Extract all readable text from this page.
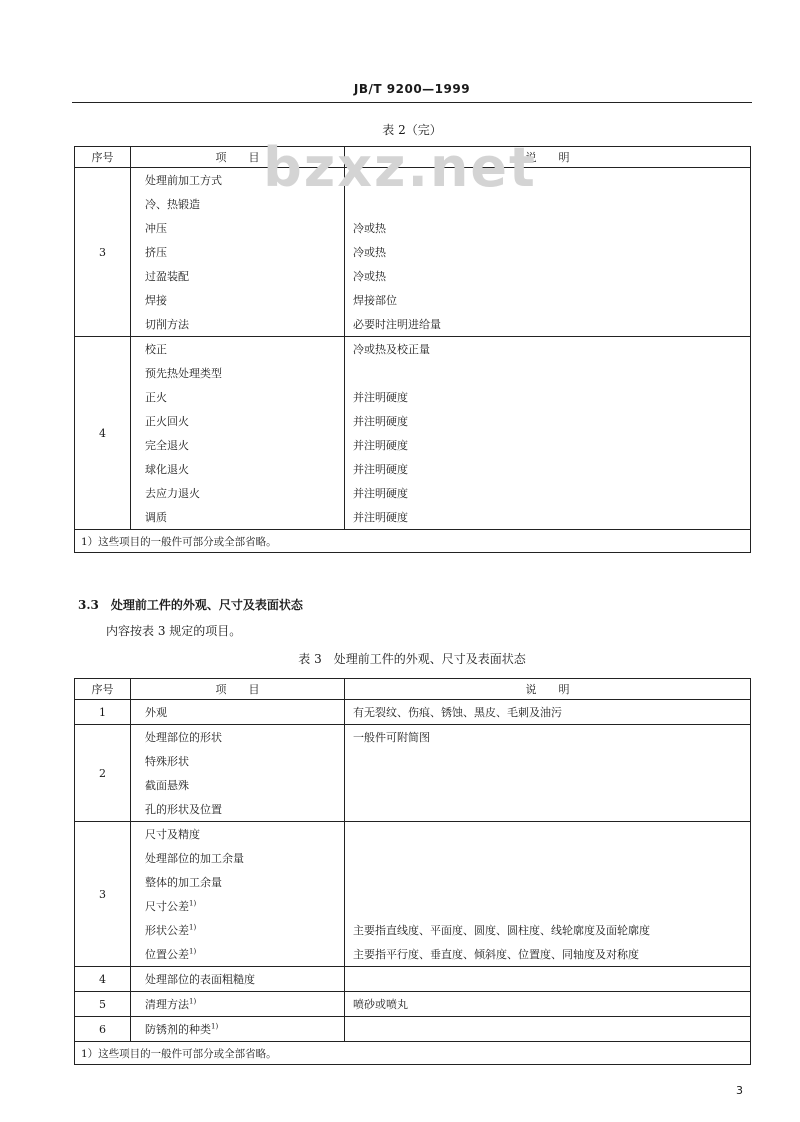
JB/T 9200—1999
表 2（完）
序号	项　　目	说　　明
3	处理前加工方式	
	冷、热锻造	
	冲压	冷或热
	挤压	冷或热
	过盈装配	冷或热
	焊接	焊接部位
	切削方法	必要时注明进给量
4	校正	冷或热及校正量
	预先热处理类型	
	正火	并注明硬度
	正火回火	并注明硬度
	完全退火	并注明硬度
	球化退火	并注明硬度
	去应力退火	并注明硬度
	调质	并注明硬度
1）这些项目的一般件可部分或全部省略。		
bzxz.net
3.3　处理前工件的外观、尺寸及表面状态
内容按表 3 规定的项目。
表 3　处理前工件的外观、尺寸及表面状态
序号	项　　目	说　　明
1	外观	有无裂纹、伤痕、锈蚀、黑皮、毛刺及油污
2	处理部位的形状	一般件可附简图
	特殊形状	
	截面悬殊	
	孔的形状及位置	
3	尺寸及精度	
	处理部位的加工余量	
	整体的加工余量	
	尺寸公差$^{1)}$	
	形状公差$^{1)}$	主要指直线度、平面度、圆度、圆柱度、线轮廓度及面轮廓度
	位置公差$^{1)}$	主要指平行度、垂直度、倾斜度、位置度、同轴度及对称度
4	处理部位的表面粗糙度	
5	清理方法$^{1)}$	喷砂或喷丸
6	防锈剂的种类$^{1)}$	
1）这些项目的一般件可部分或全部省略。		
3
